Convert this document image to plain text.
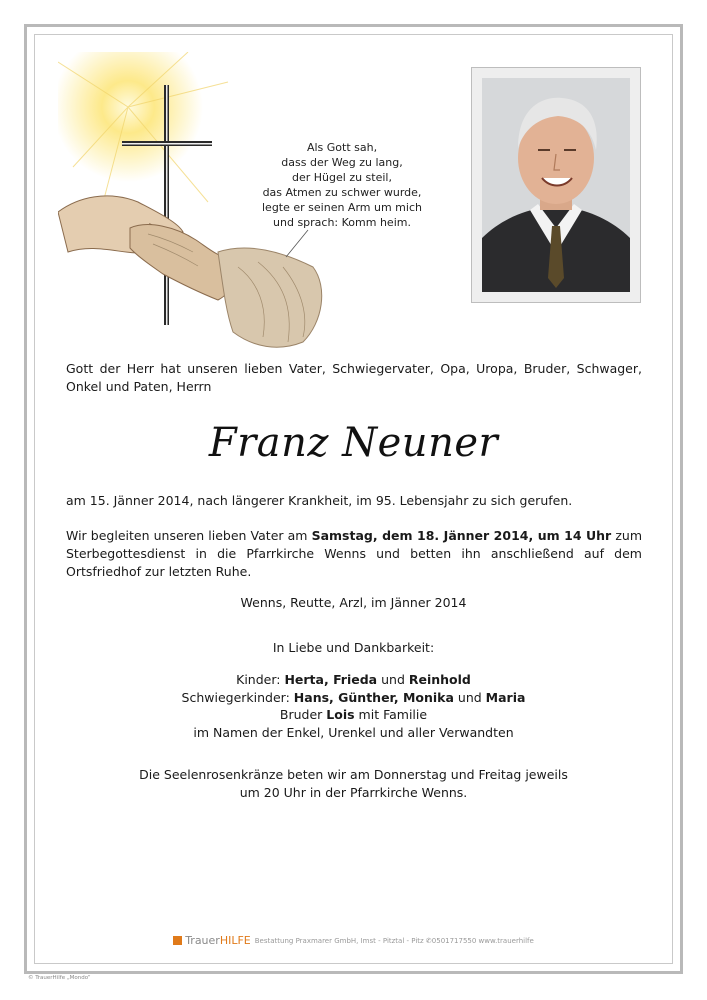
Als Gott sah,
dass der Weg zu lang,
der Hügel zu steil,
das Atmen zu schwer wurde,
legte er seinen Arm um mich
und sprach: Komm heim.
Gott der Herr hat unseren lieben Vater, Schwiegervater, Opa, Uropa, Bruder, Schwager, Onkel und Paten, Herrn
Franz Neuner
am 15. Jänner 2014, nach längerer Krankheit, im 95. Lebensjahr zu sich gerufen.
Wir begleiten unseren lieben Vater am Samstag, dem 18. Jänner 2014, um 14 Uhr zum Sterbegottesdienst in die Pfarrkirche Wenns und betten ihn anschließend auf dem Ortsfriedhof zur letzten Ruhe.
Wenns, Reutte, Arzl, im Jänner 2014
In Liebe und Dankbarkeit:
Kinder: Herta, Frieda und Reinhold
Schwiegerkinder: Hans, Günther, Monika und Maria
Bruder Lois mit Familie
im Namen der Enkel, Urenkel und aller Verwandten
Die Seelenrosenkränze beten wir am Donnerstag und Freitag jeweils
um 20 Uhr in der Pfarrkirche Wenns.
TrauerHILFE Bestattung Praxmarer GmbH, Imst - Pitztal - Pitz ✆0501717550 www.trauerhilfe
© TrauerHilfe „Mondo“
